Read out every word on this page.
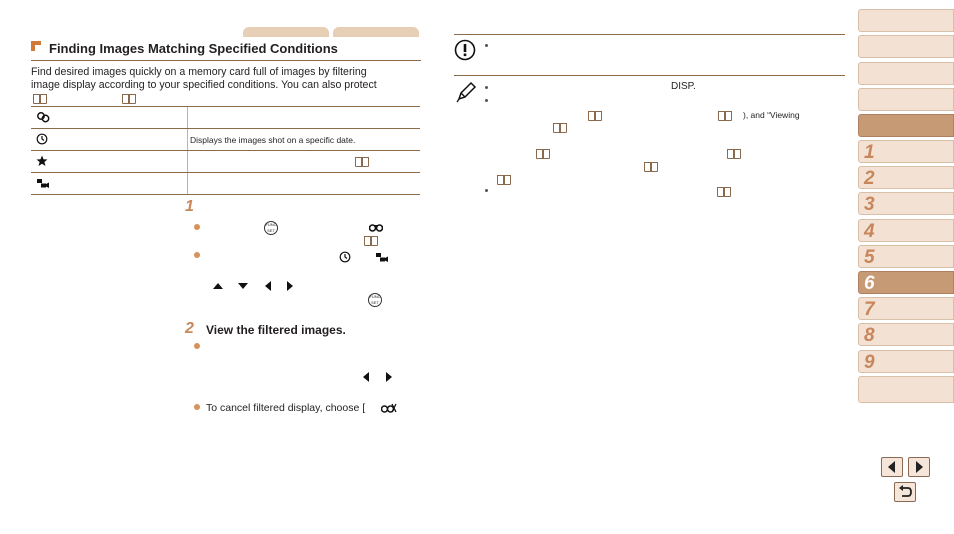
Finding Images Matching Specified Conditions
Find desired images quickly on a memory card full of images by filtering
image display according to your specified conditions. You can also protect
Displays the images shot on a specific date.
1
FUNC
SET
FUNC
SET
2 View the filtered images.
To cancel filtered display, choose [
DISP.
), and “Viewing
1
2
3
4
5
6
7
8
9
